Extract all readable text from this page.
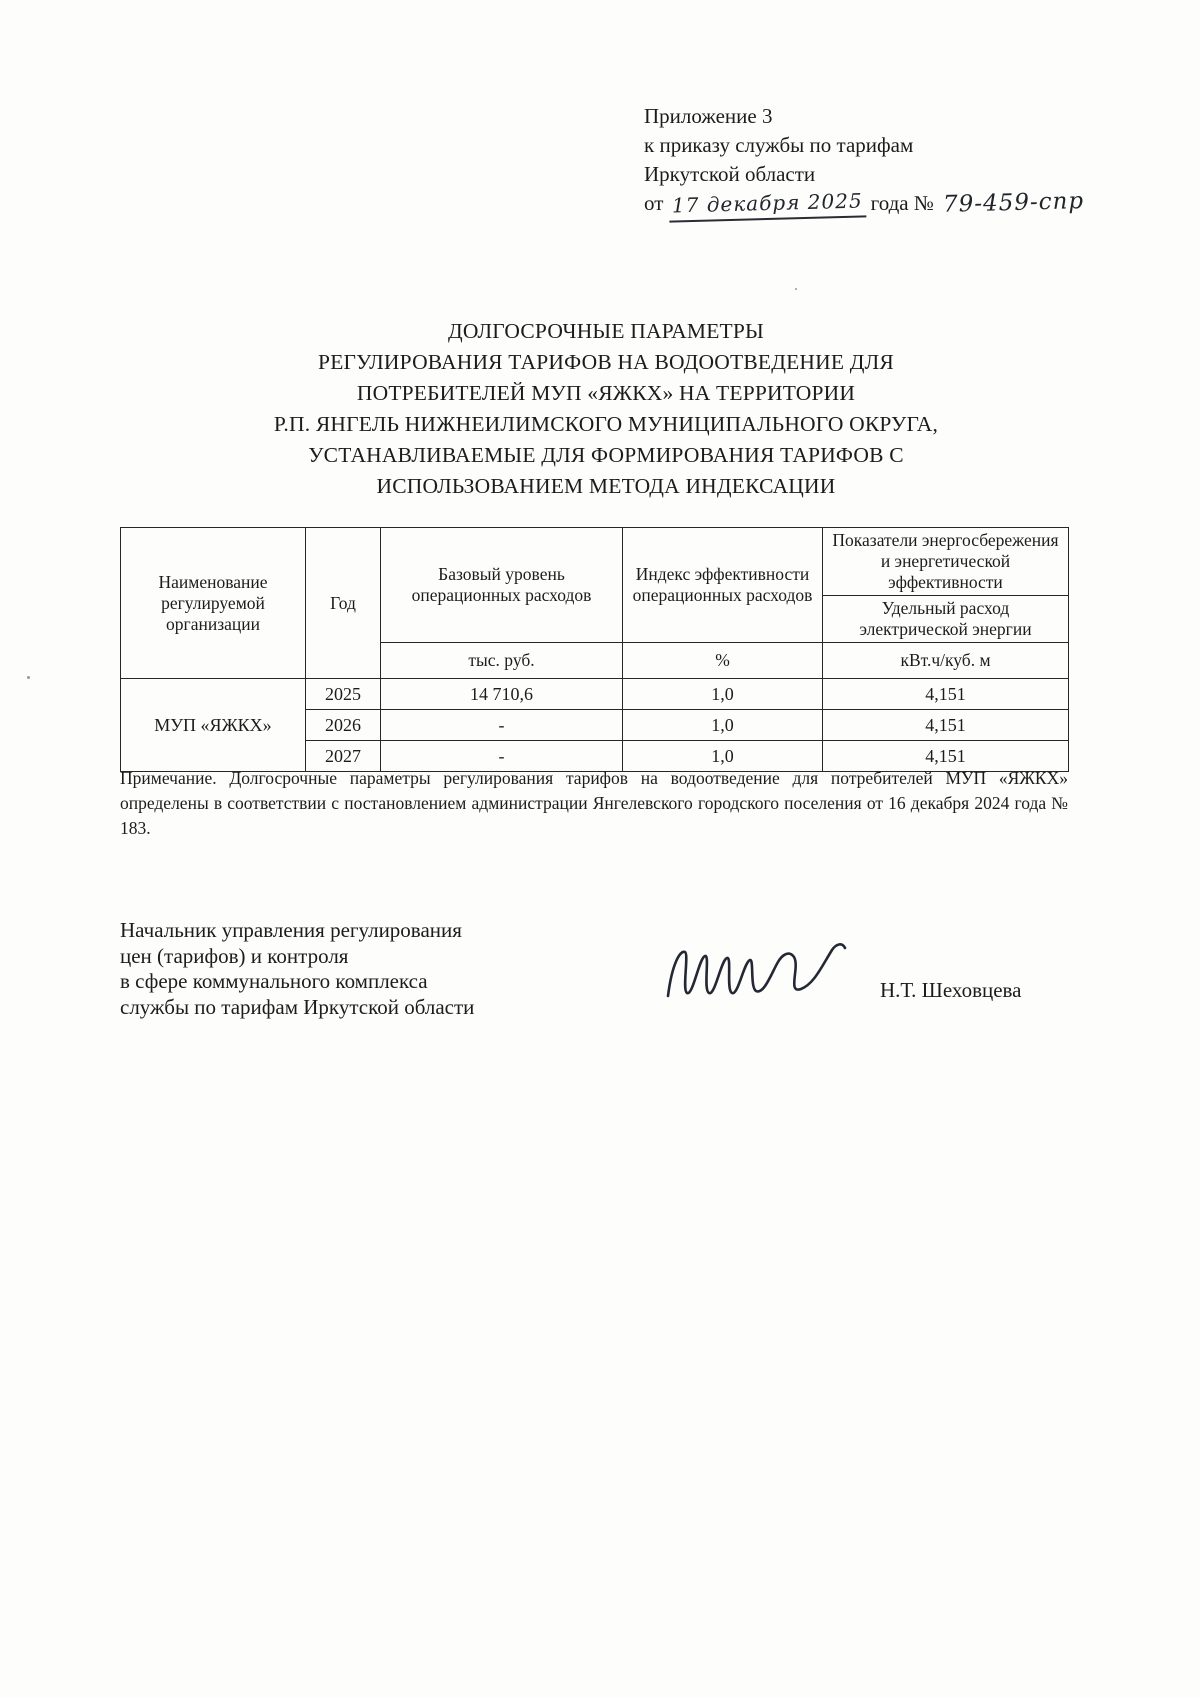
Приложение 3
к приказу службы по тарифам
Иркутской области
от 17 декабря 2025 года № 79-459-спр
ДОЛГОСРОЧНЫЕ ПАРАМЕТРЫ
РЕГУЛИРОВАНИЯ ТАРИФОВ НА ВОДООТВЕДЕНИЕ ДЛЯ
ПОТРЕБИТЕЛЕЙ МУП «ЯЖКХ» НА ТЕРРИТОРИИ
Р.П. ЯНГЕЛЬ НИЖНЕИЛИМСКОГО МУНИЦИПАЛЬНОГО ОКРУГА,
УСТАНАВЛИВАЕМЫЕ ДЛЯ ФОРМИРОВАНИЯ ТАРИФОВ С
ИСПОЛЬЗОВАНИЕМ МЕТОДА ИНДЕКСАЦИИ
Наименование регулируемой организации	Год	Базовый уровень операционных расходов	Индекс эффективности операционных расходов	Показатели энергосбережения и энергетической эффективности
				Удельный расход электрической энергии
		тыс. руб.	%	кВт.ч/куб. м
МУП «ЯЖКХ»	2025	14 710,6	1,0	4,151
	2026	-	1,0	4,151
	2027	-	1,0	4,151
Примечание. Долгосрочные параметры регулирования тарифов на водоотведение для потребителей МУП «ЯЖКХ» определены в соответствии с постановлением администрации Янгелевского городского поселения от 16 декабря 2024 года № 183.
Начальник управления регулирования
цен (тарифов) и контроля
в сфере коммунального комплекса
службы по тарифам Иркутской области
Н.Т. Шеховцева
